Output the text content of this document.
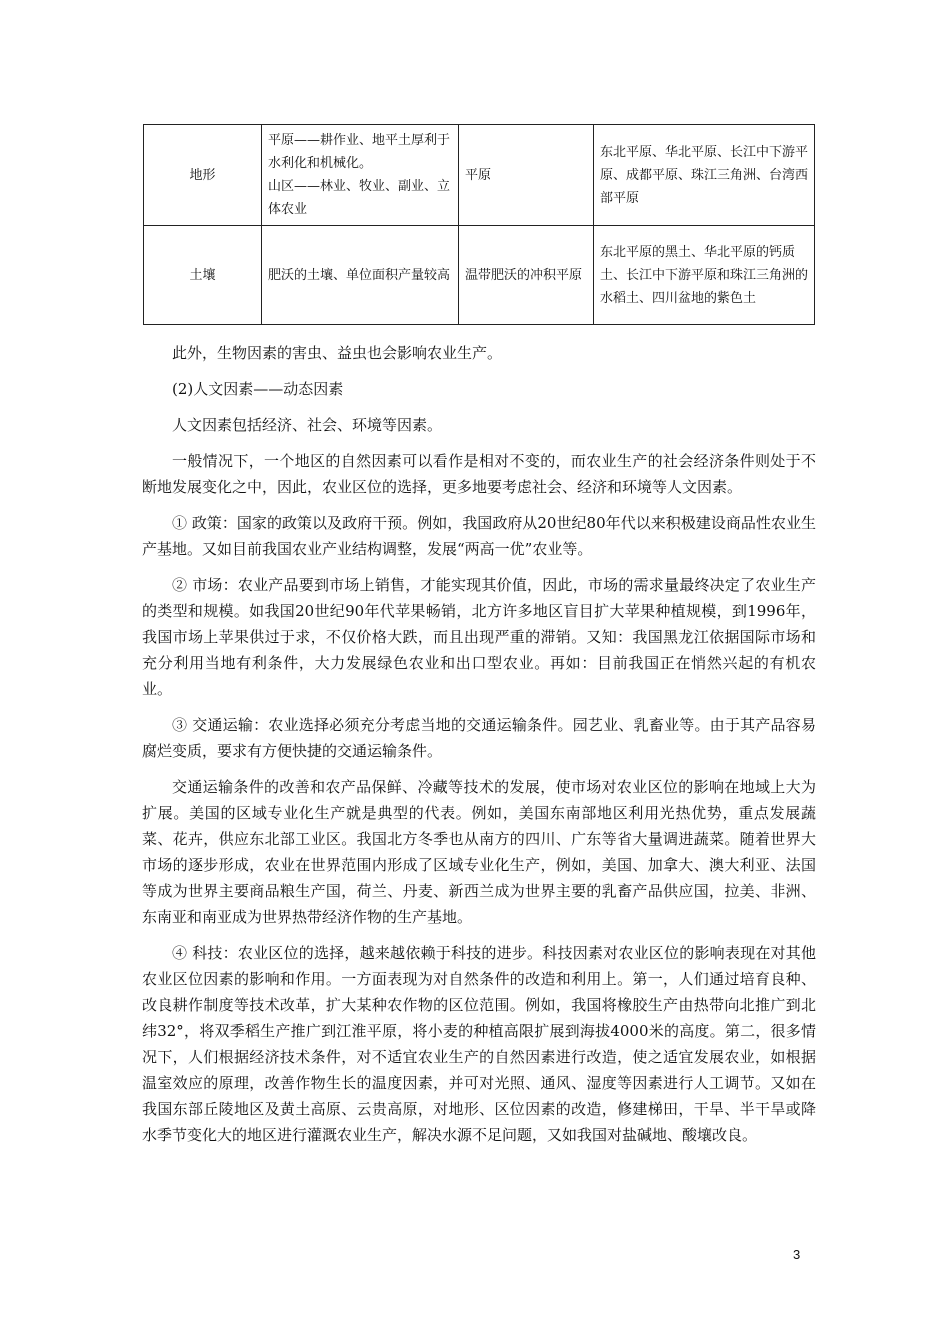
地形	平原——耕作业、地平土厚利于水利化和机械化。
山区——林业、牧业、副业、立体农业	平原	东北平原、华北平原、长江中下游平原、成都平原、珠江三角洲、台湾西部平原
土壤	肥沃的土壤、单位面积产量较高	温带肥沃的冲积平原	东北平原的黑土、华北平原的钙质土、长江中下游平原和珠江三角洲的水稻土、四川盆地的紫色土

此外，生物因素的害虫、益虫也会影响农业生产。

(2)人文因素——动态因素

人文因素包括经济、社会、环境等因素。

一般情况下，一个地区的自然因素可以看作是相对不变的，而农业生产的社会经济条件则处于不断地发展变化之中，因此，农业区位的选择，更多地要考虑社会、经济和环境等人文因素。

① 政策：国家的政策以及政府干预。例如，我国政府从20世纪80年代以来积极建设商品性农业生产基地。又如目前我国农业产业结构调整，发展“两高一优”农业等。

② 市场：农业产品要到市场上销售，才能实现其价值，因此，市场的需求量最终决定了农业生产的类型和规模。如我国20世纪90年代苹果畅销，北方许多地区盲目扩大苹果种植规模，到1996年，我国市场上苹果供过于求，不仅价格大跌，而且出现严重的滞销。又知：我国黑龙江依据国际市场和充分利用当地有利条件，大力发展绿色农业和出口型农业。再如：目前我国正在悄然兴起的有机农业。

③ 交通运输：农业选择必须充分考虑当地的交通运输条件。园艺业、乳畜业等。由于其产品容易腐烂变质，要求有方便快捷的交通运输条件。

交通运输条件的改善和农产品保鲜、冷藏等技术的发展，使市场对农业区位的影响在地域上大为扩展。美国的区域专业化生产就是典型的代表。例如，美国东南部地区利用光热优势，重点发展蔬菜、花卉，供应东北部工业区。我国北方冬季也从南方的四川、广东等省大量调进蔬菜。随着世界大市场的逐步形成，农业在世界范围内形成了区域专业化生产，例如，美国、加拿大、澳大利亚、法国等成为世界主要商品粮生产国，荷兰、丹麦、新西兰成为世界主要的乳畜产品供应国，拉美、非洲、东南亚和南亚成为世界热带经济作物的生产基地。

④ 科技：农业区位的选择，越来越依赖于科技的进步。科技因素对农业区位的影响表现在对其他农业区位因素的影响和作用。一方面表现为对自然条件的改造和利用上。第一，人们通过培育良种、改良耕作制度等技术改革，扩大某种农作物的区位范围。例如，我国将橡胶生产由热带向北推广到北纬32°，将双季稻生产推广到江淮平原，将小麦的种植高限扩展到海拔4000米的高度。第二，很多情况下，人们根据经济技术条件，对不适宜农业生产的自然因素进行改造，使之适宜发展农业，如根据温室效应的原理，改善作物生长的温度因素，并可对光照、通风、湿度等因素进行人工调节。又如在我国东部丘陵地区及黄土高原、云贵高原，对地形、区位因素的改造，修建梯田，干旱、半干旱或降水季节变化大的地区进行灌溉农业生产，解决水源不足问题，又如我国对盐碱地、酸壤改良。

3
